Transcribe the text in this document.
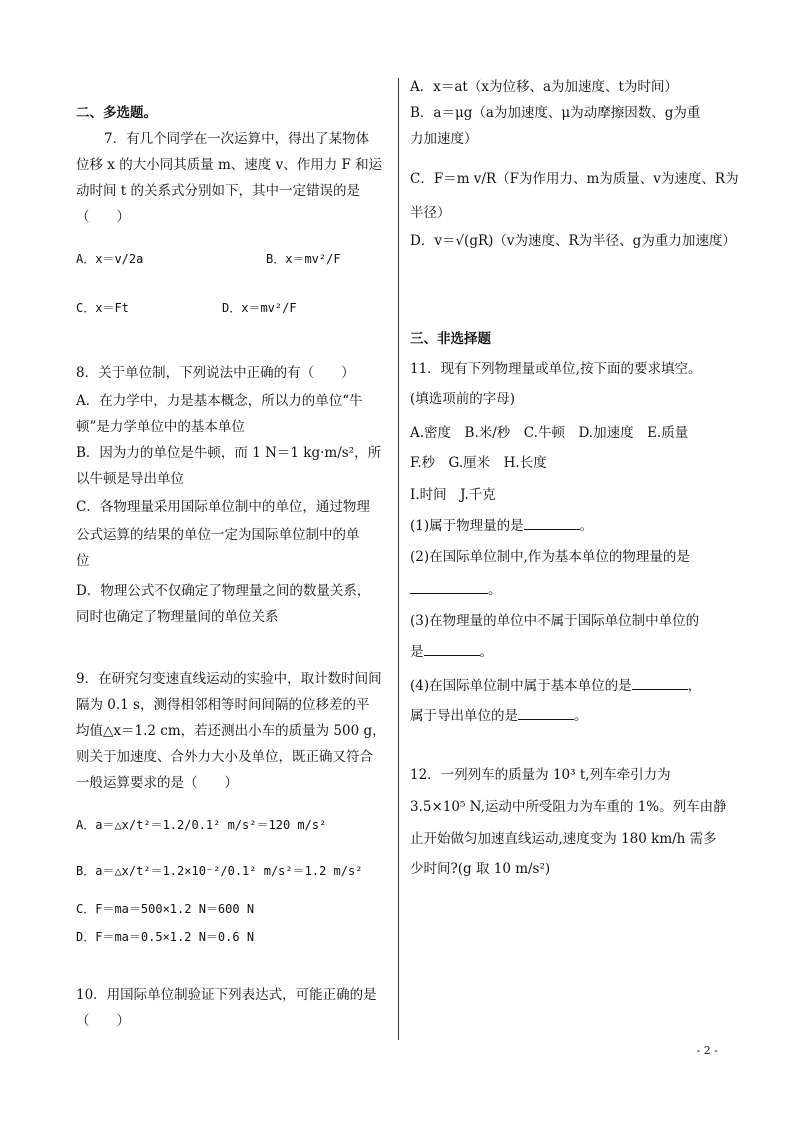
二、多选题。
7．有几个同学在一次运算中，得出了某物体
位移 x 的大小同其质量 m、速度 v、作用力 F 和运
动时间 t 的关系式分别如下，其中一定错误的是
（　　）
A．x＝v/2a	B．x＝mv²/F
C．x＝Ft	D．x＝mv²/F
8．关于单位制，下列说法中正确的有（　　）
A．在力学中，力是基本概念，所以力的单位“牛
顿”是力学单位中的基本单位
B．因为力的单位是牛顿，而 1 N＝1 kg·m/s²，所
以牛顿是导出单位
C．各物理量采用国际单位制中的单位，通过物理
公式运算的结果的单位一定为国际单位制中的单
位
D．物理公式不仅确定了物理量之间的数量关系，
同时也确定了物理量间的单位关系
9．在研究匀变速直线运动的实验中，取计数时间间
隔为 0.1 s，测得相邻相等时间间隔的位移差的平
均值△x＝1.2 cm，若还测出小车的质量为 500 g，
则关于加速度、合外力大小及单位，既正确又符合
一般运算要求的是（　　）
A．a＝△x/t²＝1.2/0.1² m/s²＝120 m/s²
B．a＝△x/t²＝1.2×10⁻²/0.1² m/s²＝1.2 m/s²
C．F＝ma＝500×1.2 N＝600 N
D．F＝ma＝0.5×1.2 N＝0.6 N
10．用国际单位制验证下列表达式，可能正确的是
（　　）
A．x＝at（x为位移、a为加速度、t为时间）
B．a＝μg（a为加速度、μ为动摩擦因数、g为重
力加速度）
C．F＝m v/R（F为作用力、m为质量、v为速度、R为
半径）
D．v＝√(gR)（v为速度、R为半径、g为重力加速度）
三、非选择题
11．现有下列物理量或单位,按下面的要求填空。
(填选项前的字母)
A.密度　B.米/秒　C.牛顿　D.加速度　E.质量
F.秒　G.厘米　H.长度
I.时间　J.千克
(1)属于物理量的是	。
(2)在国际单位制中,作为基本单位的物理量的是
。
(3)在物理量的单位中不属于国际单位制中单位的
是	。
(4)在国际单位制中属于基本单位的是	，
属于导出单位的是	。
12．一列列车的质量为 10³ t,列车牵引力为
3.5×10⁵ N,运动中所受阻力为车重的 1%。列车由静
止开始做匀加速直线运动,速度变为 180 km/h 需多
少时间?(g 取 10 m/s²)
- 2 -
